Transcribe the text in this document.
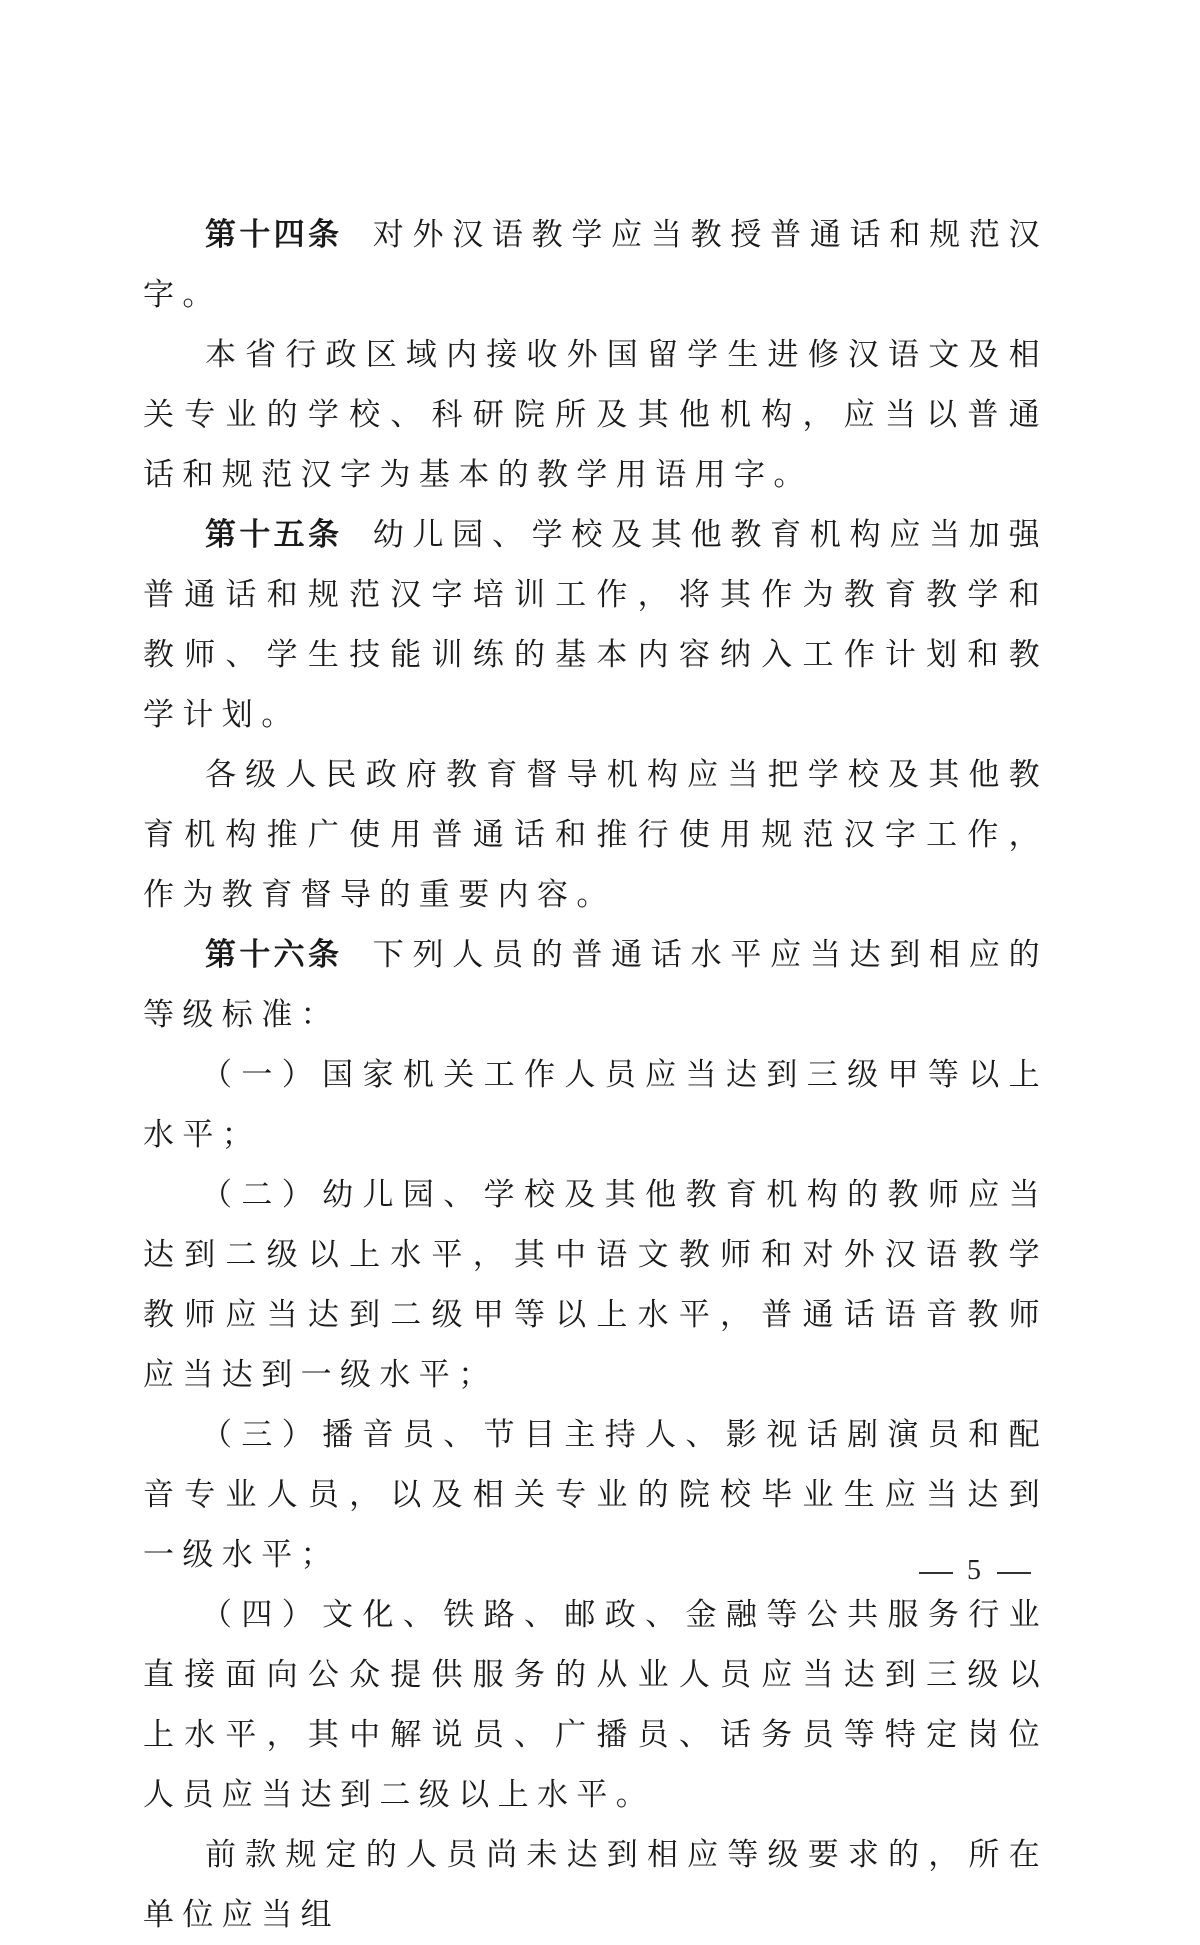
第十四条 对外汉语教学应当教授普通话和规范汉字。

本省行政区域内接收外国留学生进修汉语文及相关专业的学校、科研院所及其他机构，应当以普通话和规范汉字为基本的教学用语用字。

第十五条 幼儿园、学校及其他教育机构应当加强普通话和规范汉字培训工作，将其作为教育教学和教师、学生技能训练的基本内容纳入工作计划和教学计划。

各级人民政府教育督导机构应当把学校及其他教育机构推广使用普通话和推行使用规范汉字工作，作为教育督导的重要内容。

第十六条 下列人员的普通话水平应当达到相应的等级标准：

（一）国家机关工作人员应当达到三级甲等以上水平；

（二）幼儿园、学校及其他教育机构的教师应当达到二级以上水平，其中语文教师和对外汉语教学教师应当达到二级甲等以上水平，普通话语音教师应当达到一级水平；

（三）播音员、节目主持人、影视话剧演员和配音专业人员，以及相关专业的院校毕业生应当达到一级水平；

（四）文化、铁路、邮政、金融等公共服务行业直接面向公众提供服务的从业人员应当达到三级以上水平，其中解说员、广播员、话务员等特定岗位人员应当达到二级以上水平。

前款规定的人员尚未达到相应等级要求的，所在单位应当组

5
